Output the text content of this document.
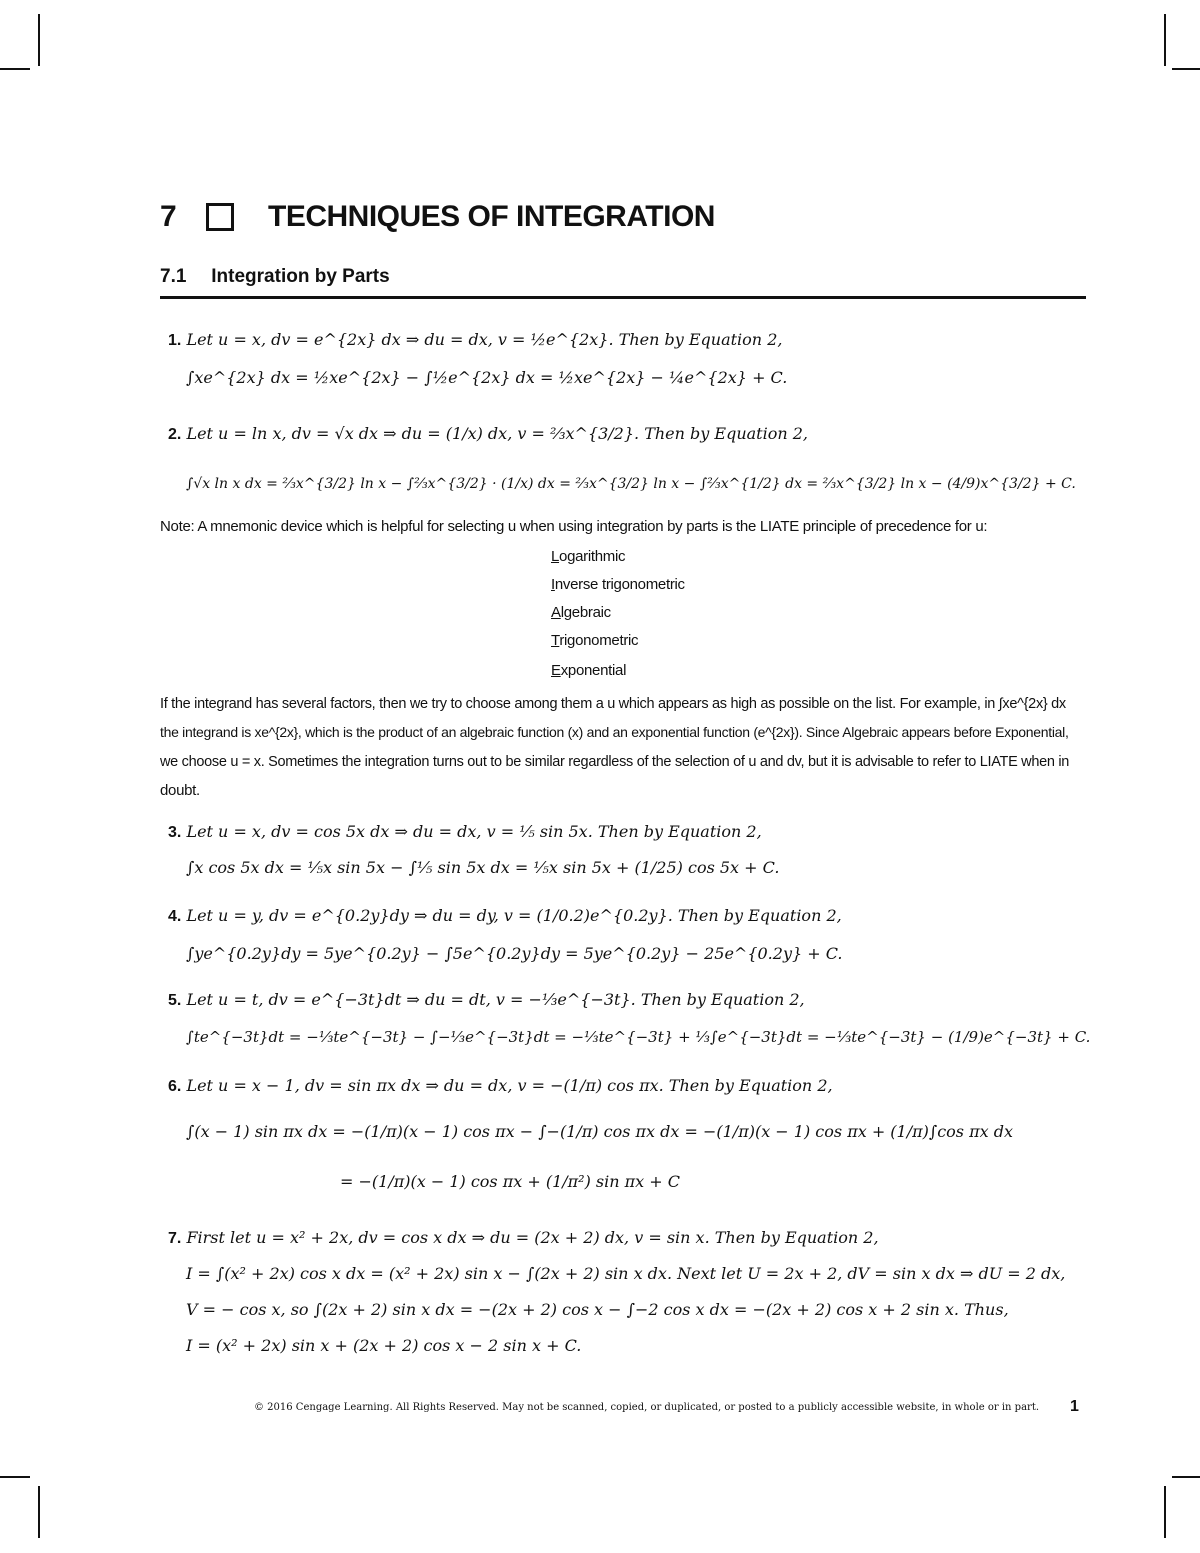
7	TECHNIQUES OF INTEGRATION
7.1 Integration by Parts
1. Let u = x, dv = e^{2x} dx ⇒ du = dx, v = ½e^{2x}. Then by Equation 2,
∫xe^{2x} dx = ½xe^{2x} − ∫½e^{2x} dx = ½xe^{2x} − ¼e^{2x} + C.
2. Let u = ln x, dv = √x dx ⇒ du = (1/x) dx, v = ⅔x^{3/2}. Then by Equation 2,
∫√x ln x dx = ⅔x^{3/2} ln x − ∫⅔x^{3/2} · (1/x) dx = ⅔x^{3/2} ln x − ∫⅔x^{1/2} dx = ⅔x^{3/2} ln x − (4/9)x^{3/2} + C.
Note: A mnemonic device which is helpful for selecting u when using integration by parts is the LIATE principle of precedence for u:
Logarithmic
Inverse trigonometric
Algebraic
Trigonometric
Exponential
If the integrand has several factors, then we try to choose among them a u which appears as high as possible on the list. For example, in ∫xe^{2x} dx
the integrand is xe^{2x}, which is the product of an algebraic function (x) and an exponential function (e^{2x}). Since Algebraic appears before Exponential,
we choose u = x. Sometimes the integration turns out to be similar regardless of the selection of u and dv, but it is advisable to refer to LIATE when in
doubt.
3. Let u = x, dv = cos 5x dx ⇒ du = dx, v = ⅕ sin 5x. Then by Equation 2,
∫x cos 5x dx = ⅕x sin 5x − ∫⅕ sin 5x dx = ⅕x sin 5x + (1/25) cos 5x + C.
4. Let u = y, dv = e^{0.2y}dy ⇒ du = dy, v = (1/0.2)e^{0.2y}. Then by Equation 2,
∫ye^{0.2y}dy = 5ye^{0.2y} − ∫5e^{0.2y}dy = 5ye^{0.2y} − 25e^{0.2y} + C.
5. Let u = t, dv = e^{−3t}dt ⇒ du = dt, v = −⅓e^{−3t}. Then by Equation 2,
∫te^{−3t}dt = −⅓te^{−3t} − ∫−⅓e^{−3t}dt = −⅓te^{−3t} + ⅓∫e^{−3t}dt = −⅓te^{−3t} − (1/9)e^{−3t} + C.
6. Let u = x − 1, dv = sin πx dx ⇒ du = dx, v = −(1/π) cos πx. Then by Equation 2,
∫(x − 1) sin πx dx = −(1/π)(x − 1) cos πx − ∫−(1/π) cos πx dx = −(1/π)(x − 1) cos πx + (1/π)∫cos πx dx
= −(1/π)(x − 1) cos πx + (1/π²) sin πx + C
7. First let u = x² + 2x, dv = cos x dx ⇒ du = (2x + 2) dx, v = sin x. Then by Equation 2,
I = ∫(x² + 2x) cos x dx = (x² + 2x) sin x − ∫(2x + 2) sin x dx. Next let U = 2x + 2, dV = sin x dx ⇒ dU = 2 dx,
V = − cos x, so ∫(2x + 2) sin x dx = −(2x + 2) cos x − ∫−2 cos x dx = −(2x + 2) cos x + 2 sin x. Thus,
I = (x² + 2x) sin x + (2x + 2) cos x − 2 sin x + C.
© 2016 Cengage Learning. All Rights Reserved. May not be scanned, copied, or duplicated, or posted to a publicly accessible website, in whole or in part. 1
